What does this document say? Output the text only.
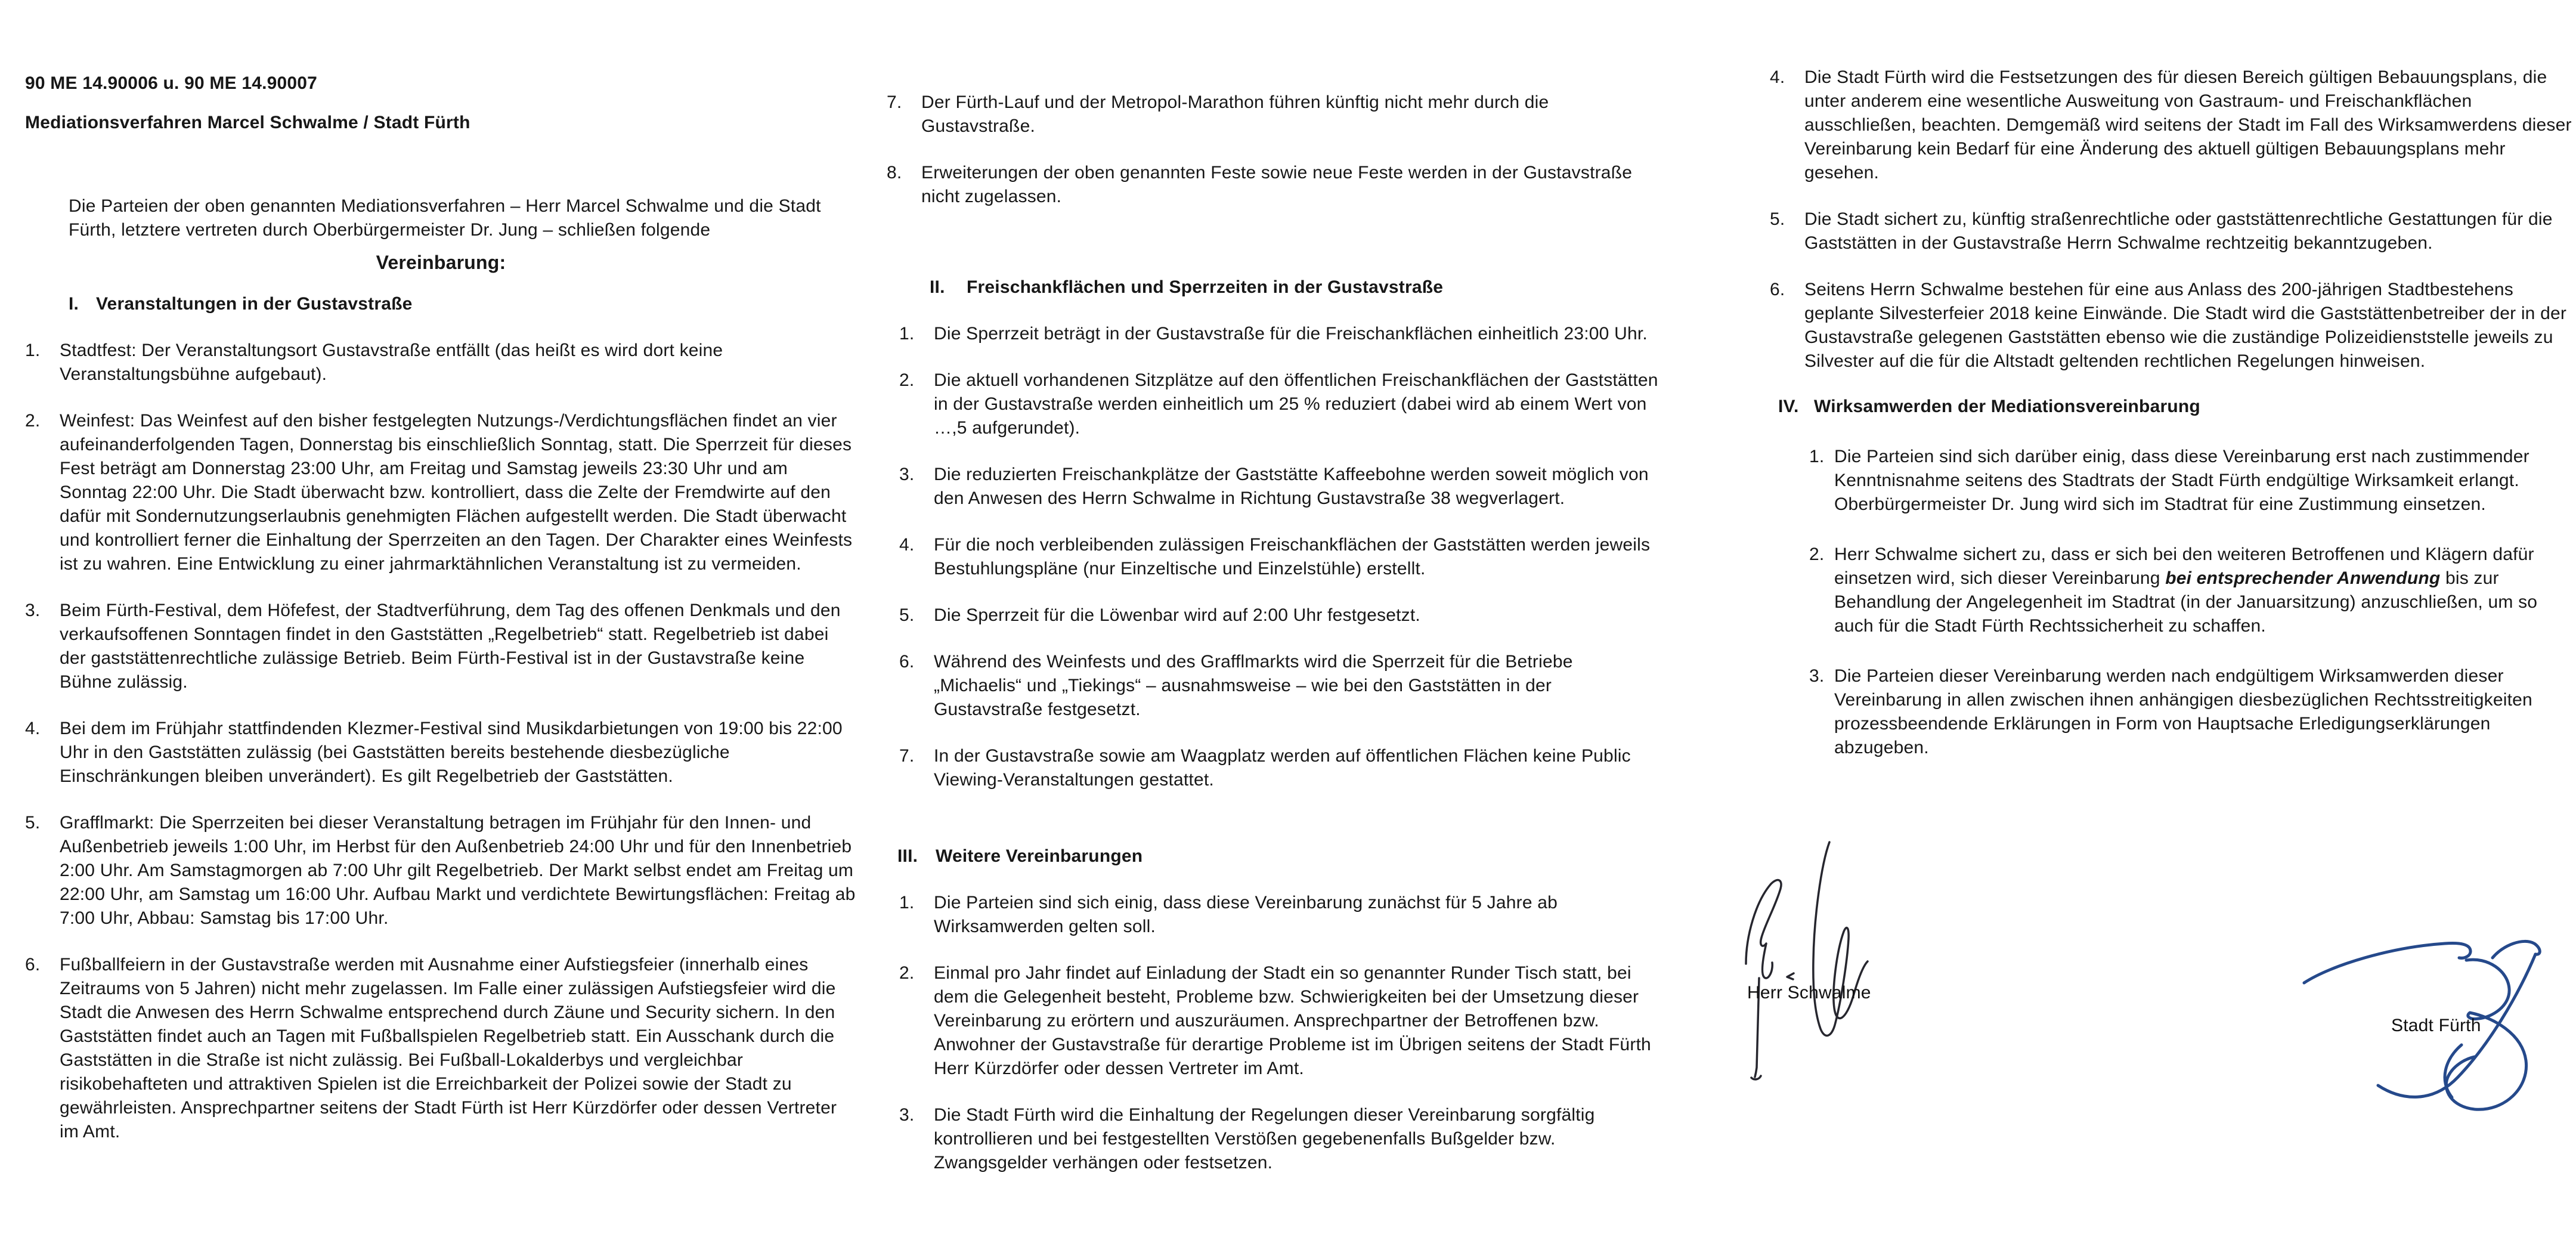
90 ME 14.90006 u. 90 ME 14.90007
Mediationsverfahren Marcel Schwalme / Stadt Fürth
Die Parteien der oben genannten Mediationsverfahren – Herr Marcel Schwalme und die Stadt Fürth, letztere vertreten durch Oberbürgermeister Dr. Jung – schließen folgende
Vereinbarung:
I. Veranstaltungen in der Gustavstraße
1.	Stadtfest: Der Veranstaltungsort Gustavstraße entfällt (das heißt es wird dort keine Veranstaltungsbühne aufgebaut).
2.	Weinfest: Das Weinfest auf den bisher festgelegten Nutzungs-/Verdichtungsflächen findet an vier aufeinanderfolgenden Tagen, Donnerstag bis einschließlich Sonntag, statt. Die Sperrzeit für dieses Fest beträgt am Donnerstag 23:00 Uhr, am Freitag und Samstag jeweils 23:30 Uhr und am Sonntag 22:00 Uhr. Die Stadt überwacht bzw. kontrolliert, dass die Zelte der Fremdwirte auf den dafür mit Sondernutzungserlaubnis genehmigten Flächen aufgestellt werden. Die Stadt überwacht und kontrolliert ferner die Einhaltung der Sperrzeiten an den Tagen. Der Charakter eines Weinfests ist zu wahren. Eine Entwicklung zu einer jahrmarktähnlichen Veranstaltung ist zu vermeiden.
3.	Beim Fürth-Festival, dem Höfefest, der Stadtverführung, dem Tag des offenen Denkmals und den verkaufsoffenen Sonntagen findet in den Gaststätten „Regelbetrieb“ statt. Regelbetrieb ist dabei der gaststättenrechtliche zulässige Betrieb. Beim Fürth-Festival ist in der Gustavstraße keine Bühne zulässig.
4.	Bei dem im Frühjahr stattfindenden Klezmer-Festival sind Musikdarbietungen von 19:00 bis 22:00 Uhr in den Gaststätten zulässig (bei Gaststätten bereits bestehende diesbezügliche Einschränkungen bleiben unverändert). Es gilt Regelbetrieb der Gaststätten.
5.	Grafflmarkt: Die Sperrzeiten bei dieser Veranstaltung betragen im Frühjahr für den Innen- und Außenbetrieb jeweils 1:00 Uhr, im Herbst für den Außenbetrieb 24:00 Uhr und für den Innenbetrieb 2:00 Uhr. Am Samstagmorgen ab 7:00 Uhr gilt Regelbetrieb. Der Markt selbst endet am Freitag um 22:00 Uhr, am Samstag um 16:00 Uhr. Aufbau Markt und verdichtete Bewirtungsflächen: Freitag ab 7:00 Uhr, Abbau: Samstag bis 17:00 Uhr.
6.	Fußballfeiern in der Gustavstraße werden mit Ausnahme einer Aufstiegsfeier (innerhalb eines Zeitraums von 5 Jahren) nicht mehr zugelassen. Im Falle einer zulässigen Aufstiegsfeier wird die Stadt die Anwesen des Herrn Schwalme entsprechend durch Zäune und Security sichern. In den Gaststätten findet auch an Tagen mit Fußballspielen Regelbetrieb statt. Ein Ausschank durch die Gaststätten in die Straße ist nicht zulässig. Bei Fußball-Lokalderbys und vergleichbar risikobehafteten und attraktiven Spielen ist die Erreichbarkeit der Polizei sowie der Stadt zu gewährleisten. Ansprechpartner seitens der Stadt Fürth ist Herr Kürzdörfer oder dessen Vertreter im Amt.
7.	Der Fürth-Lauf und der Metropol-Marathon führen künftig nicht mehr durch die Gustavstraße.
8.	Erweiterungen der oben genannten Feste sowie neue Feste werden in der Gustavstraße nicht zugelassen.
II.	Freischankflächen und Sperrzeiten in der Gustavstraße
1.	Die Sperrzeit beträgt in der Gustavstraße für die Freischankflächen einheitlich 23:00 Uhr.
2.	Die aktuell vorhandenen Sitzplätze auf den öffentlichen Freischankflächen der Gaststätten in der Gustavstraße werden einheitlich um 25 % reduziert (dabei wird ab einem Wert von …,5 aufgerundet).
3.	Die reduzierten Freischankplätze der Gaststätte Kaffeebohne werden soweit möglich von den Anwesen des Herrn Schwalme in Richtung Gustavstraße 38 wegverlagert.
4.	Für die noch verbleibenden zulässigen Freischankflächen der Gaststätten werden jeweils Bestuhlungspläne (nur Einzeltische und Einzelstühle) erstellt.
5.	Die Sperrzeit für die Löwenbar wird auf 2:00 Uhr festgesetzt.
6.	Während des Weinfests und des Grafflmarkts wird die Sperrzeit für die Betriebe „Michaelis“ und „Tiekings“ – ausnahmsweise – wie bei den Gaststätten in der Gustavstraße festgesetzt.
7.	In der Gustavstraße sowie am Waagplatz werden auf öffentlichen Flächen keine Public Viewing-Veranstaltungen gestattet.
III. Weitere Vereinbarungen
1.	Die Parteien sind sich einig, dass diese Vereinbarung zunächst für 5 Jahre ab Wirksamwerden gelten soll.
2.	Einmal pro Jahr findet auf Einladung der Stadt ein so genannter Runder Tisch statt, bei dem die Gelegenheit besteht, Probleme bzw. Schwierigkeiten bei der Umsetzung dieser Vereinbarung zu erörtern und auszuräumen. Ansprechpartner der Betroffenen bzw. Anwohner der Gustavstraße für derartige Probleme ist im Übrigen seitens der Stadt Fürth Herr Kürzdörfer oder dessen Vertreter im Amt.
3.	Die Stadt Fürth wird die Einhaltung der Regelungen dieser Vereinbarung sorgfältig kontrollieren und bei festgestellten Verstößen gegebenenfalls Bußgelder bzw. Zwangsgelder verhängen oder festsetzen.
4.	Die Stadt Fürth wird die Festsetzungen des für diesen Bereich gültigen Bebauungsplans, die unter anderem eine wesentliche Ausweitung von Gastraum- und Freischankflächen ausschließen, beachten. Demgemäß wird seitens der Stadt im Fall des Wirksamwerdens dieser Vereinbarung kein Bedarf für eine Änderung des aktuell gültigen Bebauungsplans mehr gesehen.
5.	Die Stadt sichert zu, künftig straßenrechtliche oder gaststättenrechtliche Gestattungen für die Gaststätten in der Gustavstraße Herrn Schwalme rechtzeitig bekanntzugeben.
6.	Seitens Herrn Schwalme bestehen für eine aus Anlass des 200-jährigen Stadtbestehens geplante Silvesterfeier 2018 keine Einwände. Die Stadt wird die Gaststättenbetreiber der in der Gustavstraße gelegenen Gaststätten ebenso wie die zuständige Polizeidienststelle jeweils zu Silvester auf die für die Altstadt geltenden rechtlichen Regelungen hinweisen.
IV. Wirksamwerden der Mediationsvereinbarung
1. Die Parteien sind sich darüber einig, dass diese Vereinbarung erst nach zustimmender Kenntnisnahme seitens des Stadtrats der Stadt Fürth endgültige Wirksamkeit erlangt. Oberbürgermeister Dr. Jung wird sich im Stadtrat für eine Zustimmung einsetzen.
2. Herr Schwalme sichert zu, dass er sich bei den weiteren Betroffenen und Klägern dafür einsetzen wird, sich dieser Vereinbarung bei entsprechender Anwendung bis zur Behandlung der Angelegenheit im Stadtrat (in der Januarsitzung) anzuschließen, um so auch für die Stadt Fürth Rechtssicherheit zu schaffen.
3. Die Parteien dieser Vereinbarung werden nach endgültigem Wirksamwerden dieser Vereinbarung in allen zwischen ihnen anhängigen diesbezüglichen Rechtsstreitigkeiten prozessbeendende Erklärungen in Form von Hauptsache Erledigungserklärungen abzugeben.
Herr Schwalme
Stadt Fürth
